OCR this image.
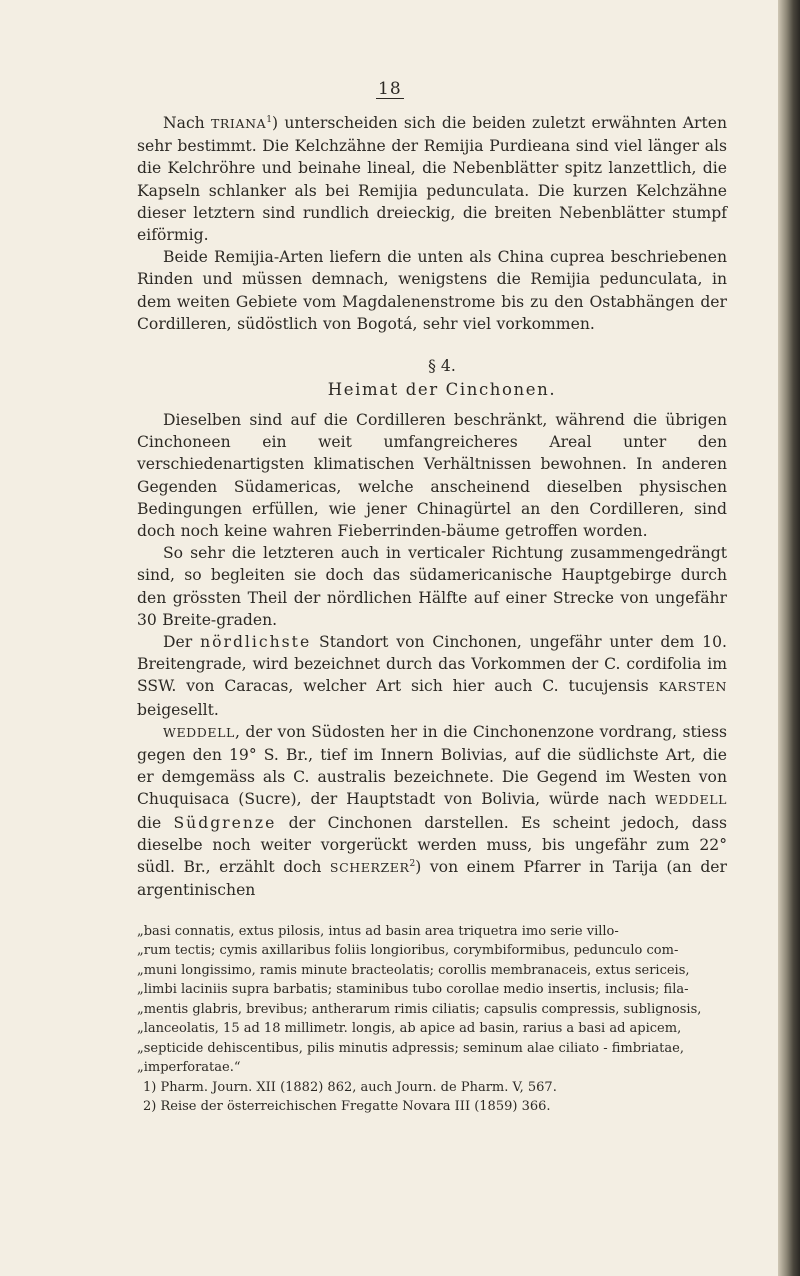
18

Nach TRIANA$^1$) unterscheiden sich die beiden zuletzt erwähnten Arten sehr bestimmt. Die Kelchzähne der Remijia Purdieana sind viel länger als die Kelchröhre und beinahe lineal, die Nebenblätter spitz lanzettlich, die Kapseln schlanker als bei Remijia pedunculata. Die kurzen Kelchzähne dieser letztern sind rundlich dreieckig, die breiten Nebenblätter stumpf eiförmig.

Beide Remijia-Arten liefern die unten als China cuprea beschriebenen Rinden und müssen demnach, wenigstens die Remijia pedunculata, in dem weiten Gebiete vom Magdalenenstrome bis zu den Ostabhängen der Cordilleren, südöstlich von Bogotá, sehr viel vorkommen.

§ 4.
Heimat der Cinchonen.

Dieselben sind auf die Cordilleren beschränkt, während die übrigen Cinchoneen ein weit umfangreicheres Areal unter den verschiedenartigsten klimatischen Verhältnissen bewohnen. In anderen Gegenden Südamericas, welche anscheinend dieselben physischen Bedingungen erfüllen, wie jener Chinagürtel an den Cordilleren, sind doch noch keine wahren Fieberrinden-bäume getroffen worden.

So sehr die letzteren auch in verticaler Richtung zusammengedrängt sind, so begleiten sie doch das südamericanische Hauptgebirge durch den grössten Theil der nördlichen Hälfte auf einer Strecke von ungefähr 30 Breite-graden.

Der nördlichste Standort von Cinchonen, ungefähr unter dem 10. Breitengrade, wird bezeichnet durch das Vorkommen der C. cordifolia im SSW. von Caracas, welcher Art sich hier auch C. tucujensis KARSTEN beigesellt.

WEDDELL, der von Südosten her in die Cinchonenzone vordrang, stiess gegen den 19° S. Br., tief im Innern Bolivias, auf die südlichste Art, die er demgemäss als C. australis bezeichnete. Die Gegend im Westen von Chuquisaca (Sucre), der Hauptstadt von Bolivia, würde nach WEDDELL die Südgrenze der Cinchonen darstellen. Es scheint jedoch, dass dieselbe noch weiter vorgerückt werden muss, bis ungefähr zum 22° südl. Br., erzählt doch SCHERZER$^2$) von einem Pfarrer in Tarija (an der argentinischen

„basi connatis, extus pilosis, intus ad basin area triquetra imo serie villo-

„rum tectis; cymis axillaribus foliis longioribus, corymbiformibus, pedunculo com-

„muni longissimo, ramis minute bracteolatis; corollis membranaceis, extus sericeis,

„limbi laciniis supra barbatis; staminibus tubo corollae medio insertis, inclusis; fila-

„mentis glabris, brevibus; antherarum rimis ciliatis; capsulis compressis, sublignosis,

„lanceolatis, 15 ad 18 millimetr. longis, ab apice ad basin, rarius a basi ad apicem,

„septicide dehiscentibus, pilis minutis adpressis; seminum alae ciliato - fimbriatae,

„imperforatae.“

1) Pharm. Journ. XII (1882) 862, auch Journ. de Pharm. V, 567.

2) Reise der österreichischen Fregatte Novara III (1859) 366.
